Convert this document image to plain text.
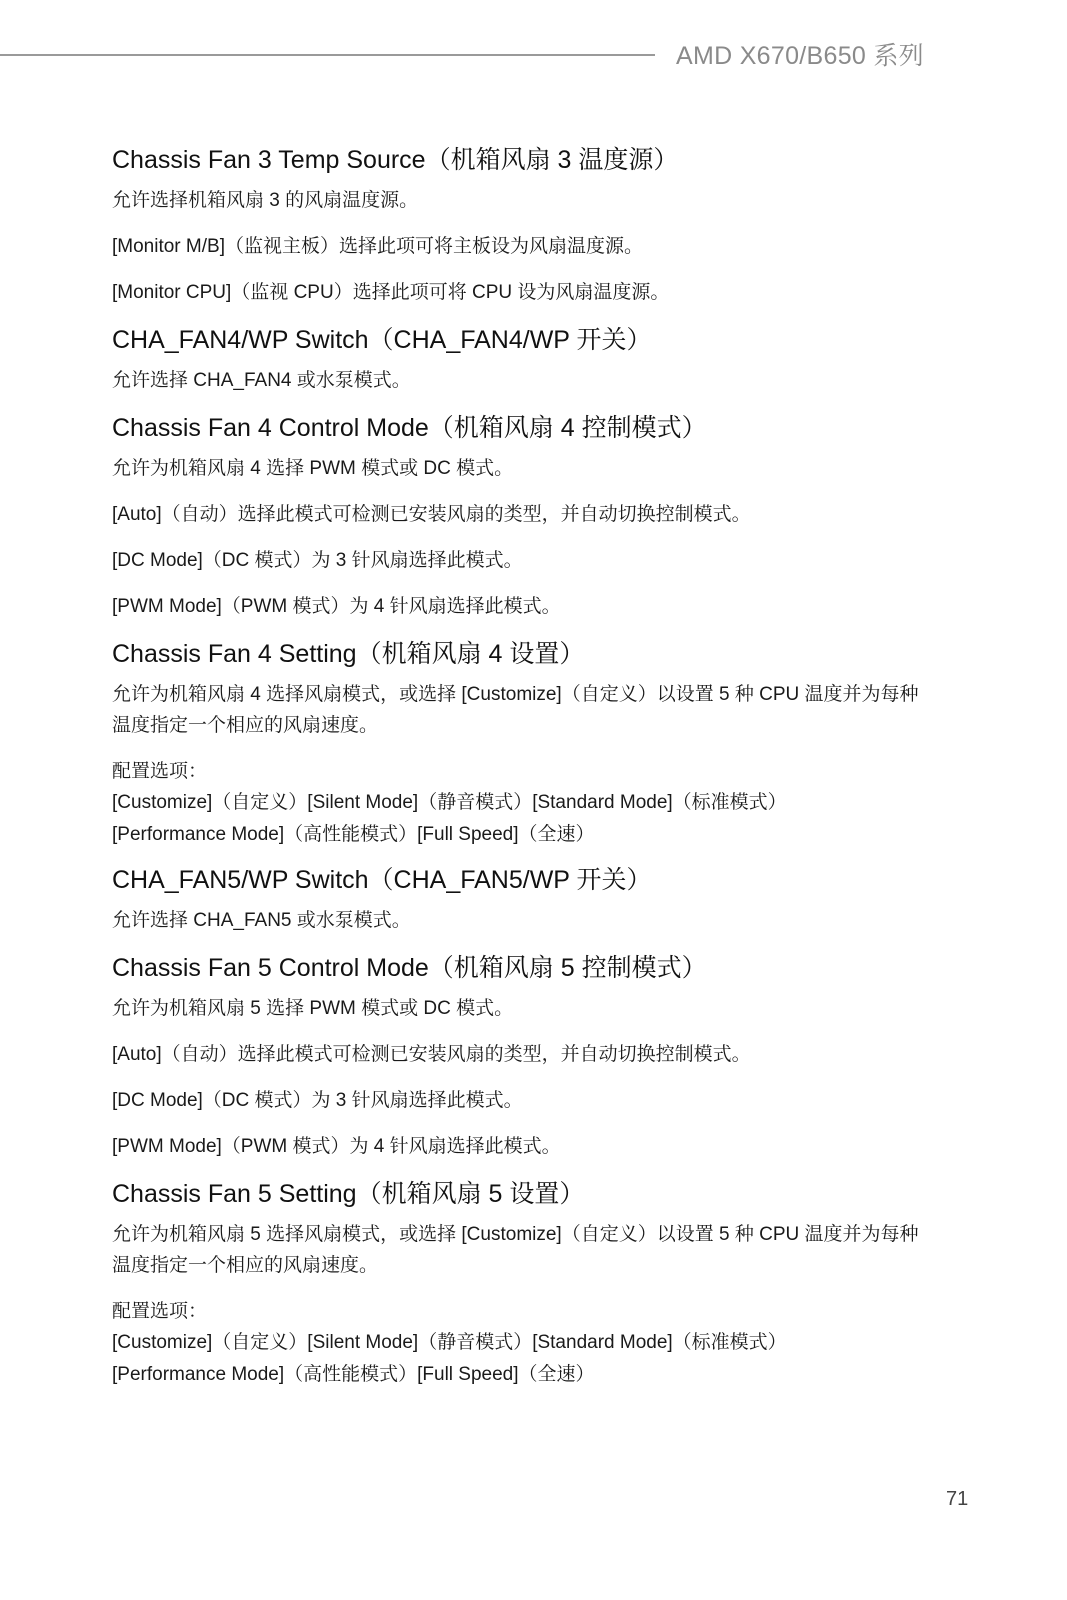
AMD X670/B650 系列
Chassis Fan 3 Temp Source（机箱风扇 3 温度源）
允许选择机箱风扇 3 的风扇温度源。
[Monitor M/B]（监视主板）选择此项可将主板设为风扇温度源。
[Monitor CPU]（监视 CPU）选择此项可将 CPU 设为风扇温度源。
CHA_FAN4/WP Switch（CHA_FAN4/WP 开关）
允许选择 CHA_FAN4 或水泵模式。
Chassis Fan 4 Control Mode（机箱风扇 4 控制模式）
允许为机箱风扇 4 选择 PWM 模式或 DC 模式。
[Auto]（自动）选择此模式可检测已安装风扇的类型，并自动切换控制模式。
[DC Mode]（DC 模式）为 3 针风扇选择此模式。
[PWM Mode]（PWM 模式）为 4 针风扇选择此模式。
Chassis Fan 4 Setting（机箱风扇 4 设置）
允许为机箱风扇 4 选择风扇模式，或选择 [Customize]（自定义）以设置 5 种 CPU 温度并为每种温度指定一个相应的风扇速度。
配置选项：
[Customize]（自定义）[Silent Mode]（静音模式）[Standard Mode]（标准模式）
[Performance Mode]（高性能模式）[Full Speed]（全速）
CHA_FAN5/WP Switch（CHA_FAN5/WP 开关）
允许选择 CHA_FAN5 或水泵模式。
Chassis Fan 5 Control Mode（机箱风扇 5 控制模式）
允许为机箱风扇 5 选择 PWM 模式或 DC 模式。
[Auto]（自动）选择此模式可检测已安装风扇的类型，并自动切换控制模式。
[DC Mode]（DC 模式）为 3 针风扇选择此模式。
[PWM Mode]（PWM 模式）为 4 针风扇选择此模式。
Chassis Fan 5 Setting（机箱风扇 5 设置）
允许为机箱风扇 5 选择风扇模式，或选择 [Customize]（自定义）以设置 5 种 CPU 温度并为每种温度指定一个相应的风扇速度。
配置选项：
[Customize]（自定义）[Silent Mode]（静音模式）[Standard Mode]（标准模式）
[Performance Mode]（高性能模式）[Full Speed]（全速）
71
